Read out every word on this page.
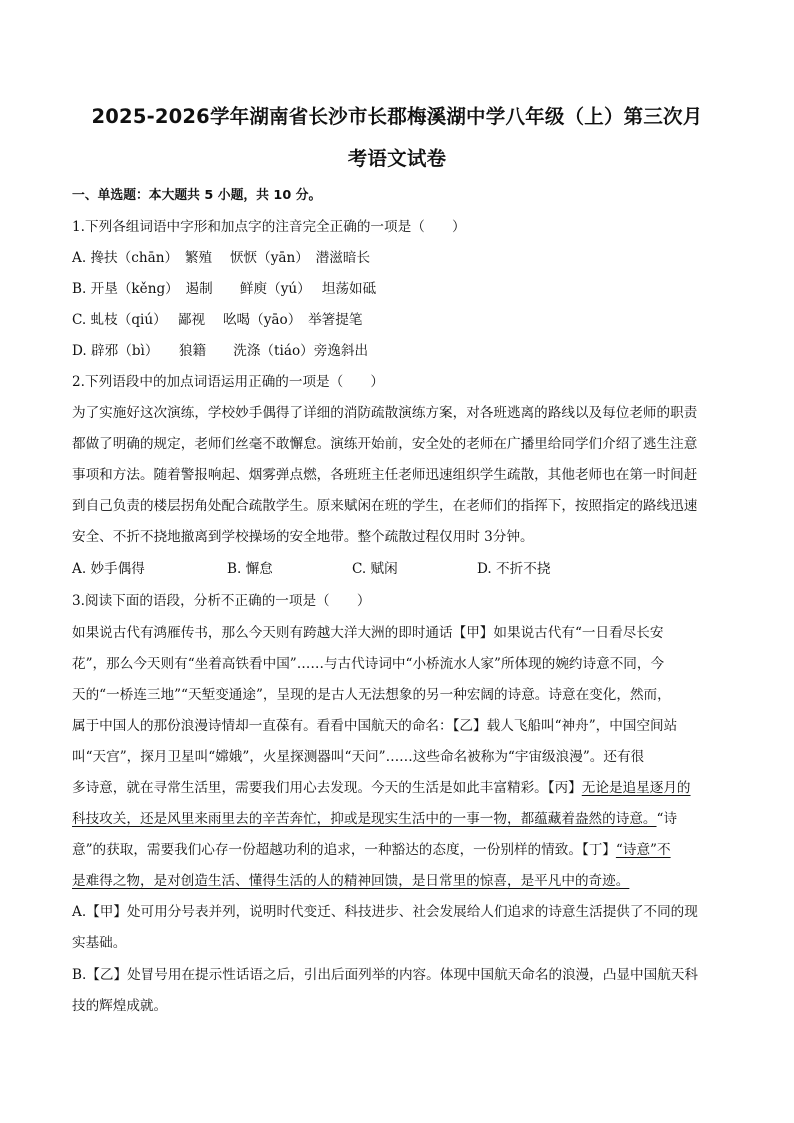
2025-2026学年湖南省长沙市长郡梅溪湖中学八年级（上）第三次月
考语文试卷
一、单选题：本大题共 5 小题，共 10 分。
1.下列各组词语中字形和加点字的注音完全正确的一项是（　　）
A. 搀扶（chān）　繁殖　 恹恹（yān）　潜滋暗长
B. 开垦（kěng）　遏制　　鲜庾（yú）　 坦荡如砥
C. 虬枝（qiú）　 鄙视　 吆喝（yāo）　举箸提笔
D. 辟邪（bì）　　狼籍　　洗涤（tiáo）旁逸斜出
2.下列语段中的加点词语运用正确的一项是（　　）
为了实施好这次演练，学校妙手偶得了详细的消防疏散演练方案，对各班逃离的路线以及每位老师的职责
都做了明确的规定，老师们丝毫不敢懈怠。演练开始前，安全处的老师在广播里给同学们介绍了逃生注意
事项和方法。随着警报响起、烟雾弹点燃，各班班主任老师迅速组织学生疏散，其他老师也在第一时间赶
到自己负责的楼层拐角处配合疏散学生。原来赋闲在班的学生，在老师们的指挥下，按照指定的路线迅速
安全、不折不挠地撤离到学校操场的安全地带。整个疏散过程仅用时 3分钟。
A. 妙手偶得	B. 懈怠	C. 赋闲	D. 不折不挠
3.阅读下面的语段，分析不正确的一项是（　　）
如果说古代有鸿雁传书，那么今天则有跨越大洋大洲的即时通话【甲】如果说古代有“一日看尽长安
花”，那么今天则有“坐着高铁看中国”……与古代诗词中“小桥流水人家”所体现的婉约诗意不同，今
天的“一桥连三地”“天堑变通途”，呈现的是古人无法想象的另一种宏阔的诗意。诗意在变化，然而，
属于中国人的那份浪漫诗情却一直葆有。看看中国航天的命名：【乙】载人飞船叫“神舟”，中国空间站
叫“天宫”，探月卫星叫“嫦娥”，火星探测器叫“天问”……这些命名被称为“宇宙级浪漫”。还有很
多诗意，就在寻常生活里，需要我们用心去发现。今天的生活是如此丰富精彩。【丙】无论是追星逐月的
科技攻关，还是风里来雨里去的辛苦奔忙，抑或是现实生活中的一事一物，都蕴藏着盎然的诗意。“诗
意”的获取，需要我们心存一份超越功利的追求，一种豁达的态度，一份别样的情致。【丁】“诗意”不
是难得之物，是对创造生活、懂得生活的人的精神回馈，是日常里的惊喜，是平凡中的奇迹。
A.【甲】处可用分号表并列，说明时代变迁、科技进步、社会发展给人们追求的诗意生活提供了不同的现
实基础。
B.【乙】处冒号用在提示性话语之后，引出后面列举的内容。体现中国航天命名的浪漫，凸显中国航天科
技的辉煌成就。
